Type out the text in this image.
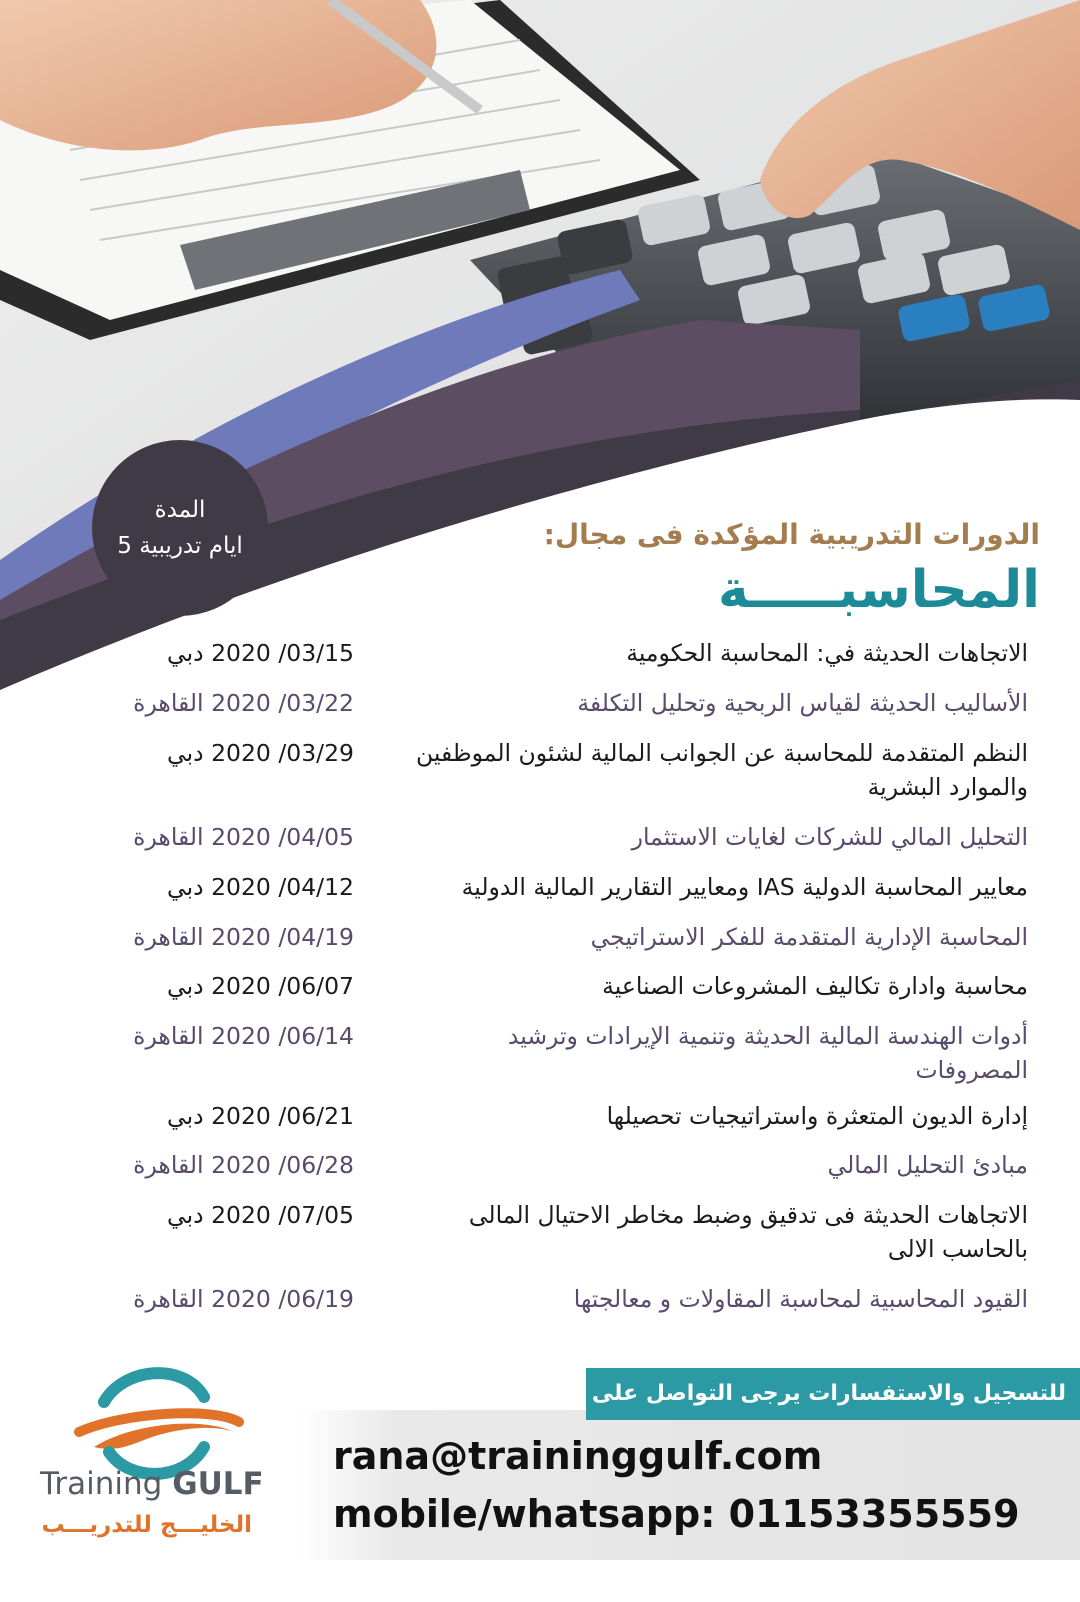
المدة
5 ايام تدريبية	الدورات التدريبية المؤكدة فى مجال:
المحاسبـــــة
الاتجاهات الحديثة في: المحاسبة الحكومية
03/15/ 2020 دبي
الأساليب الحديثة لقياس الربحية وتحليل التكلفة
03/22/ 2020 القاهرة
النظم المتقدمة للمحاسبة عن الجوانب المالية لشئون الموظفين والموارد البشرية
03/29/ 2020 دبي
التحليل المالي للشركات لغايات الاستثمار
04/05/ 2020 القاهرة
معايير المحاسبة الدولية IAS ومعايير التقارير المالية الدولية
04/12/ 2020 دبي
المحاسبة الإدارية المتقدمة للفكر الاستراتيجي
04/19/ 2020 القاهرة
محاسبة وادارة تكاليف المشروعات الصناعية
06/07/ 2020 دبي
أدوات الهندسة المالية الحديثة وتنمية الإيرادات وترشيد المصروفات
06/14/ 2020 القاهرة
إدارة الديون المتعثرة واستراتيجيات تحصيلها
06/21/ 2020 دبي
مبادئ التحليل المالي
06/28/ 2020 القاهرة
الاتجاهات الحديثة فى تدقيق وضبط مخاطر الاحتيال المالى بالحاسب الالى
07/05/ 2020 دبي
القيود المحاسبية لمحاسبة المقاولات و معالجتها
06/19/ 2020 القاهرة
للتسجيل والاستفسارات يرجى التواصل على
rana@traininggulf.com
mobile/whatsapp: 01153355559
Training GULF
الخليـــج للتدريـــب
